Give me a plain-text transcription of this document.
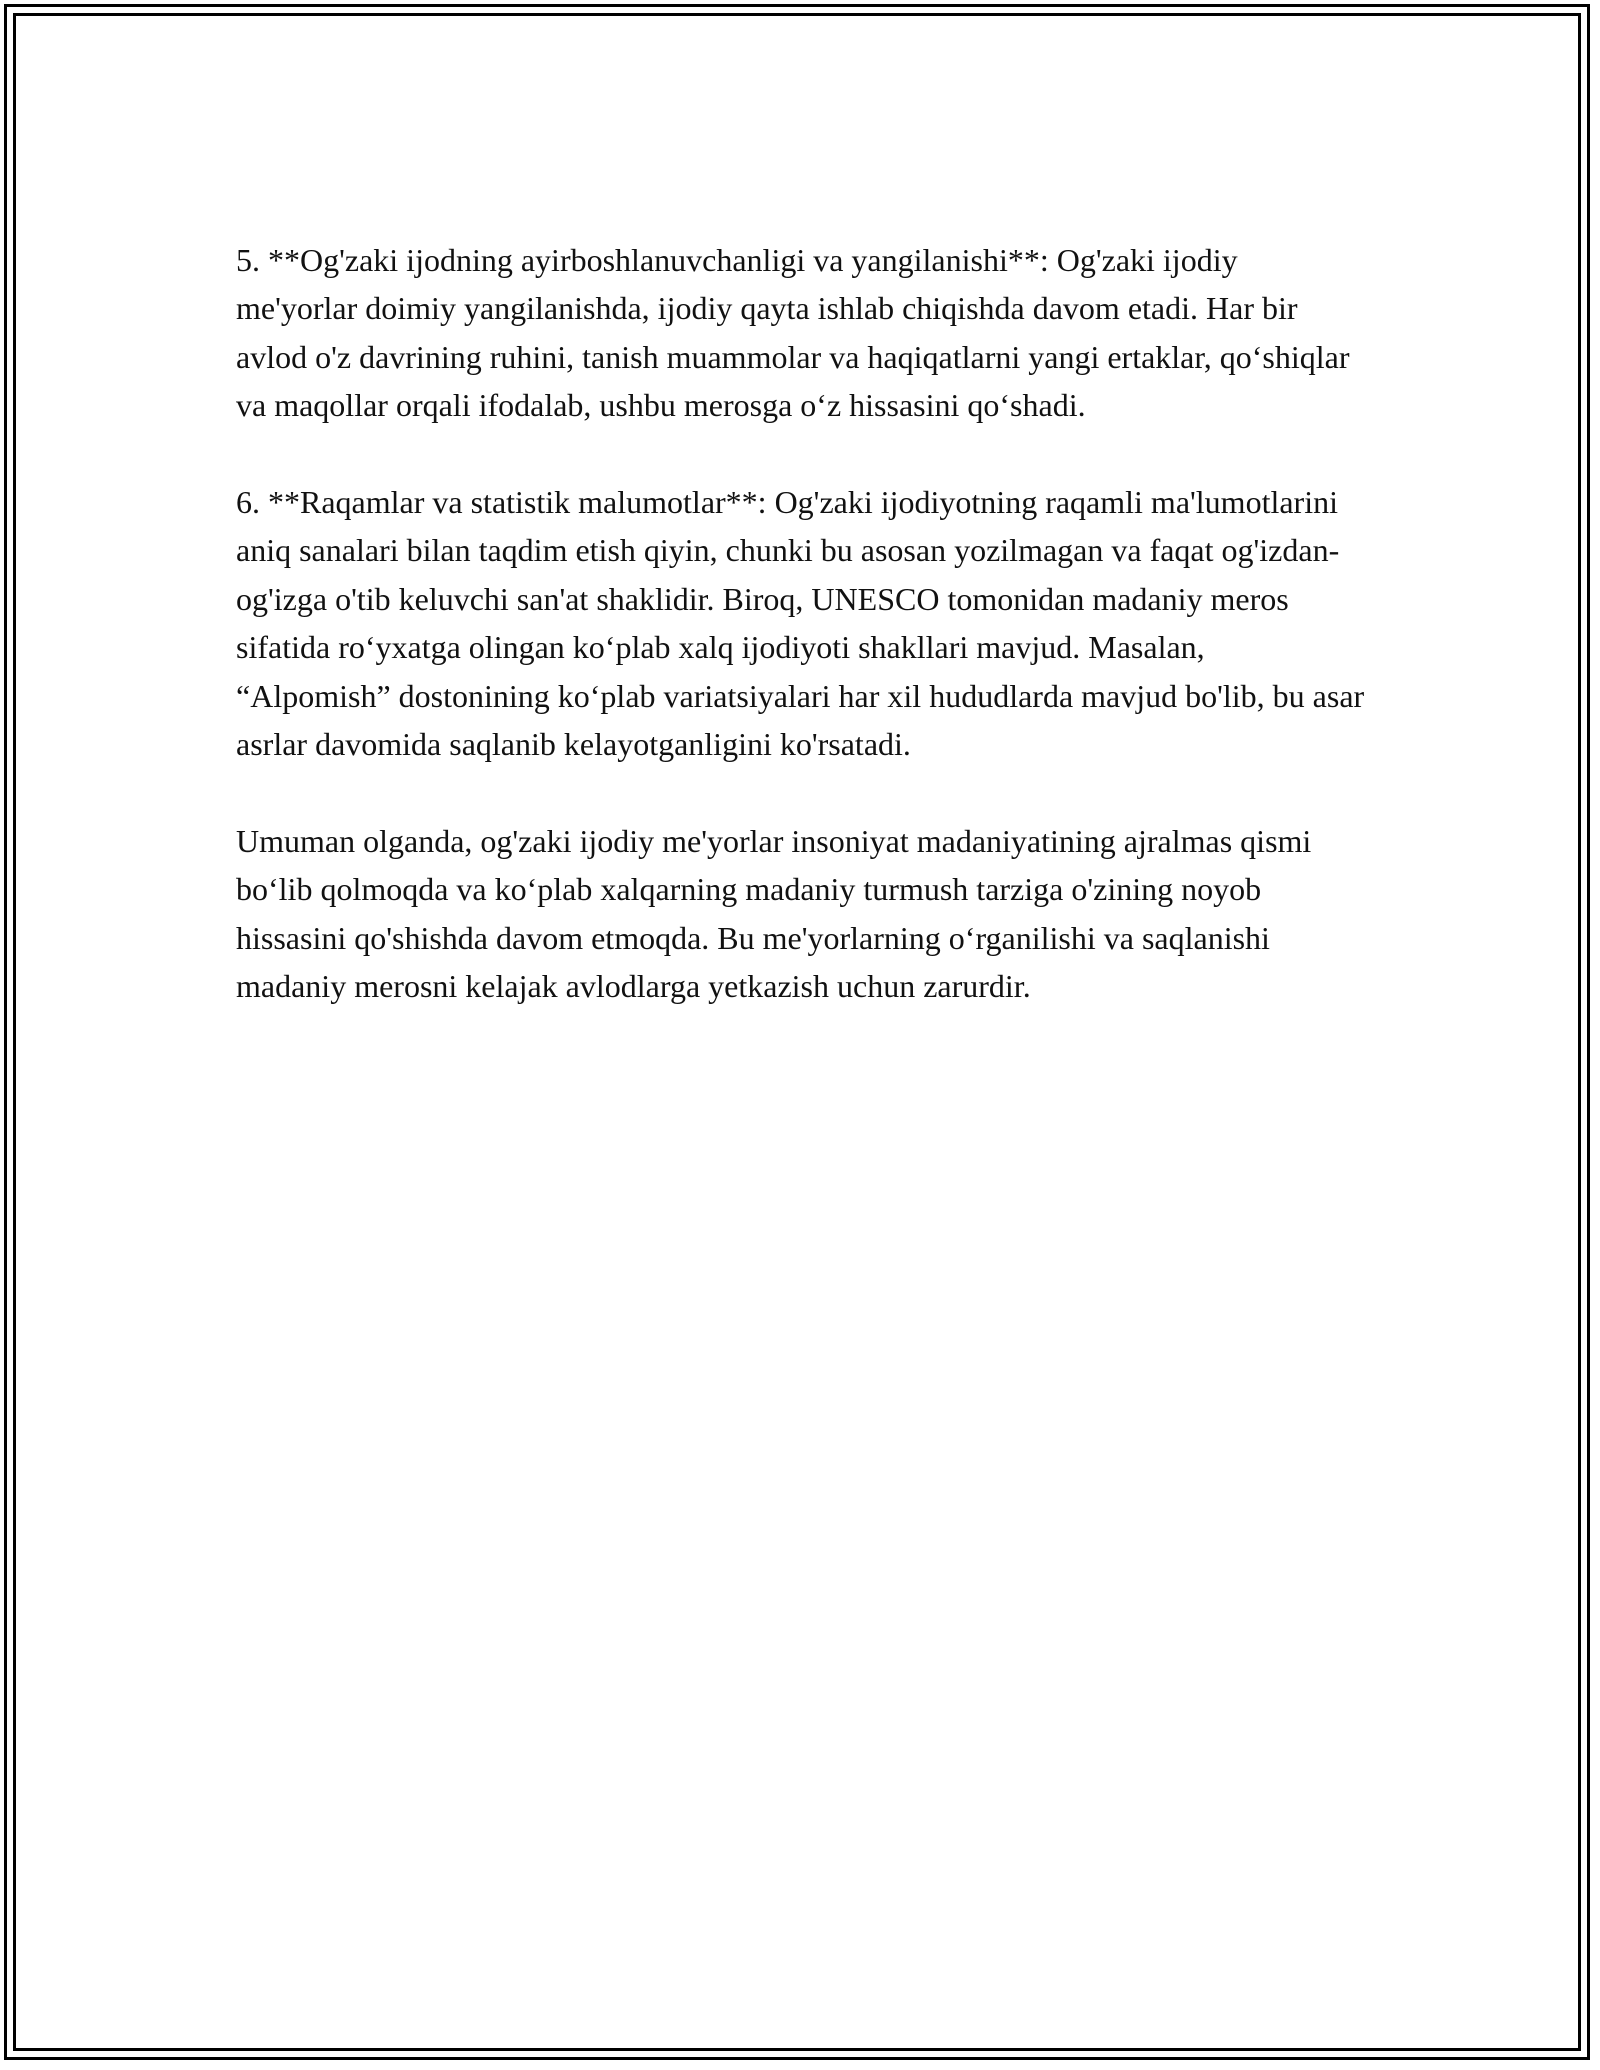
5. **Og'zaki ijodning ayirboshlanuvchanligi va yangilanishi**: Og'zaki ijodiy me'yorlar doimiy yangilanishda, ijodiy qayta ishlab chiqishda davom etadi. Har bir avlod o'z davrining ruhini, tanish muammolar va haqiqatlarni yangi ertaklar, qo‘shiqlar va maqollar orqali ifodalab, ushbu merosga o‘z hissasini qo‘shadi.

6. **Raqamlar va statistik malumotlar**: Og'zaki ijodiyotning raqamli ma'lumotlarini aniq sanalari bilan taqdim etish qiyin, chunki bu asosan yozilmagan va faqat og'izdan-og'izga o'tib keluvchi san'at shaklidir. Biroq, UNESCO tomonidan madaniy meros sifatida ro‘yxatga olingan ko‘plab xalq ijodiyoti shakllari mavjud. Masalan, “Alpomish” dostonining ko‘plab variatsiyalari har xil hududlarda mavjud bo'lib, bu asar asrlar davomida saqlanib kelayotganligini ko'rsatadi.

Umuman olganda, og'zaki ijodiy me'yorlar insoniyat madaniyatining ajralmas qismi bo‘lib qolmoqda va ko‘plab xalqarning madaniy turmush tarziga o'zining noyob hissasini qo'shishda davom etmoqda. Bu me'yorlarning o‘rganilishi va saqlanishi madaniy merosni kelajak avlodlarga yetkazish uchun zarurdir.
